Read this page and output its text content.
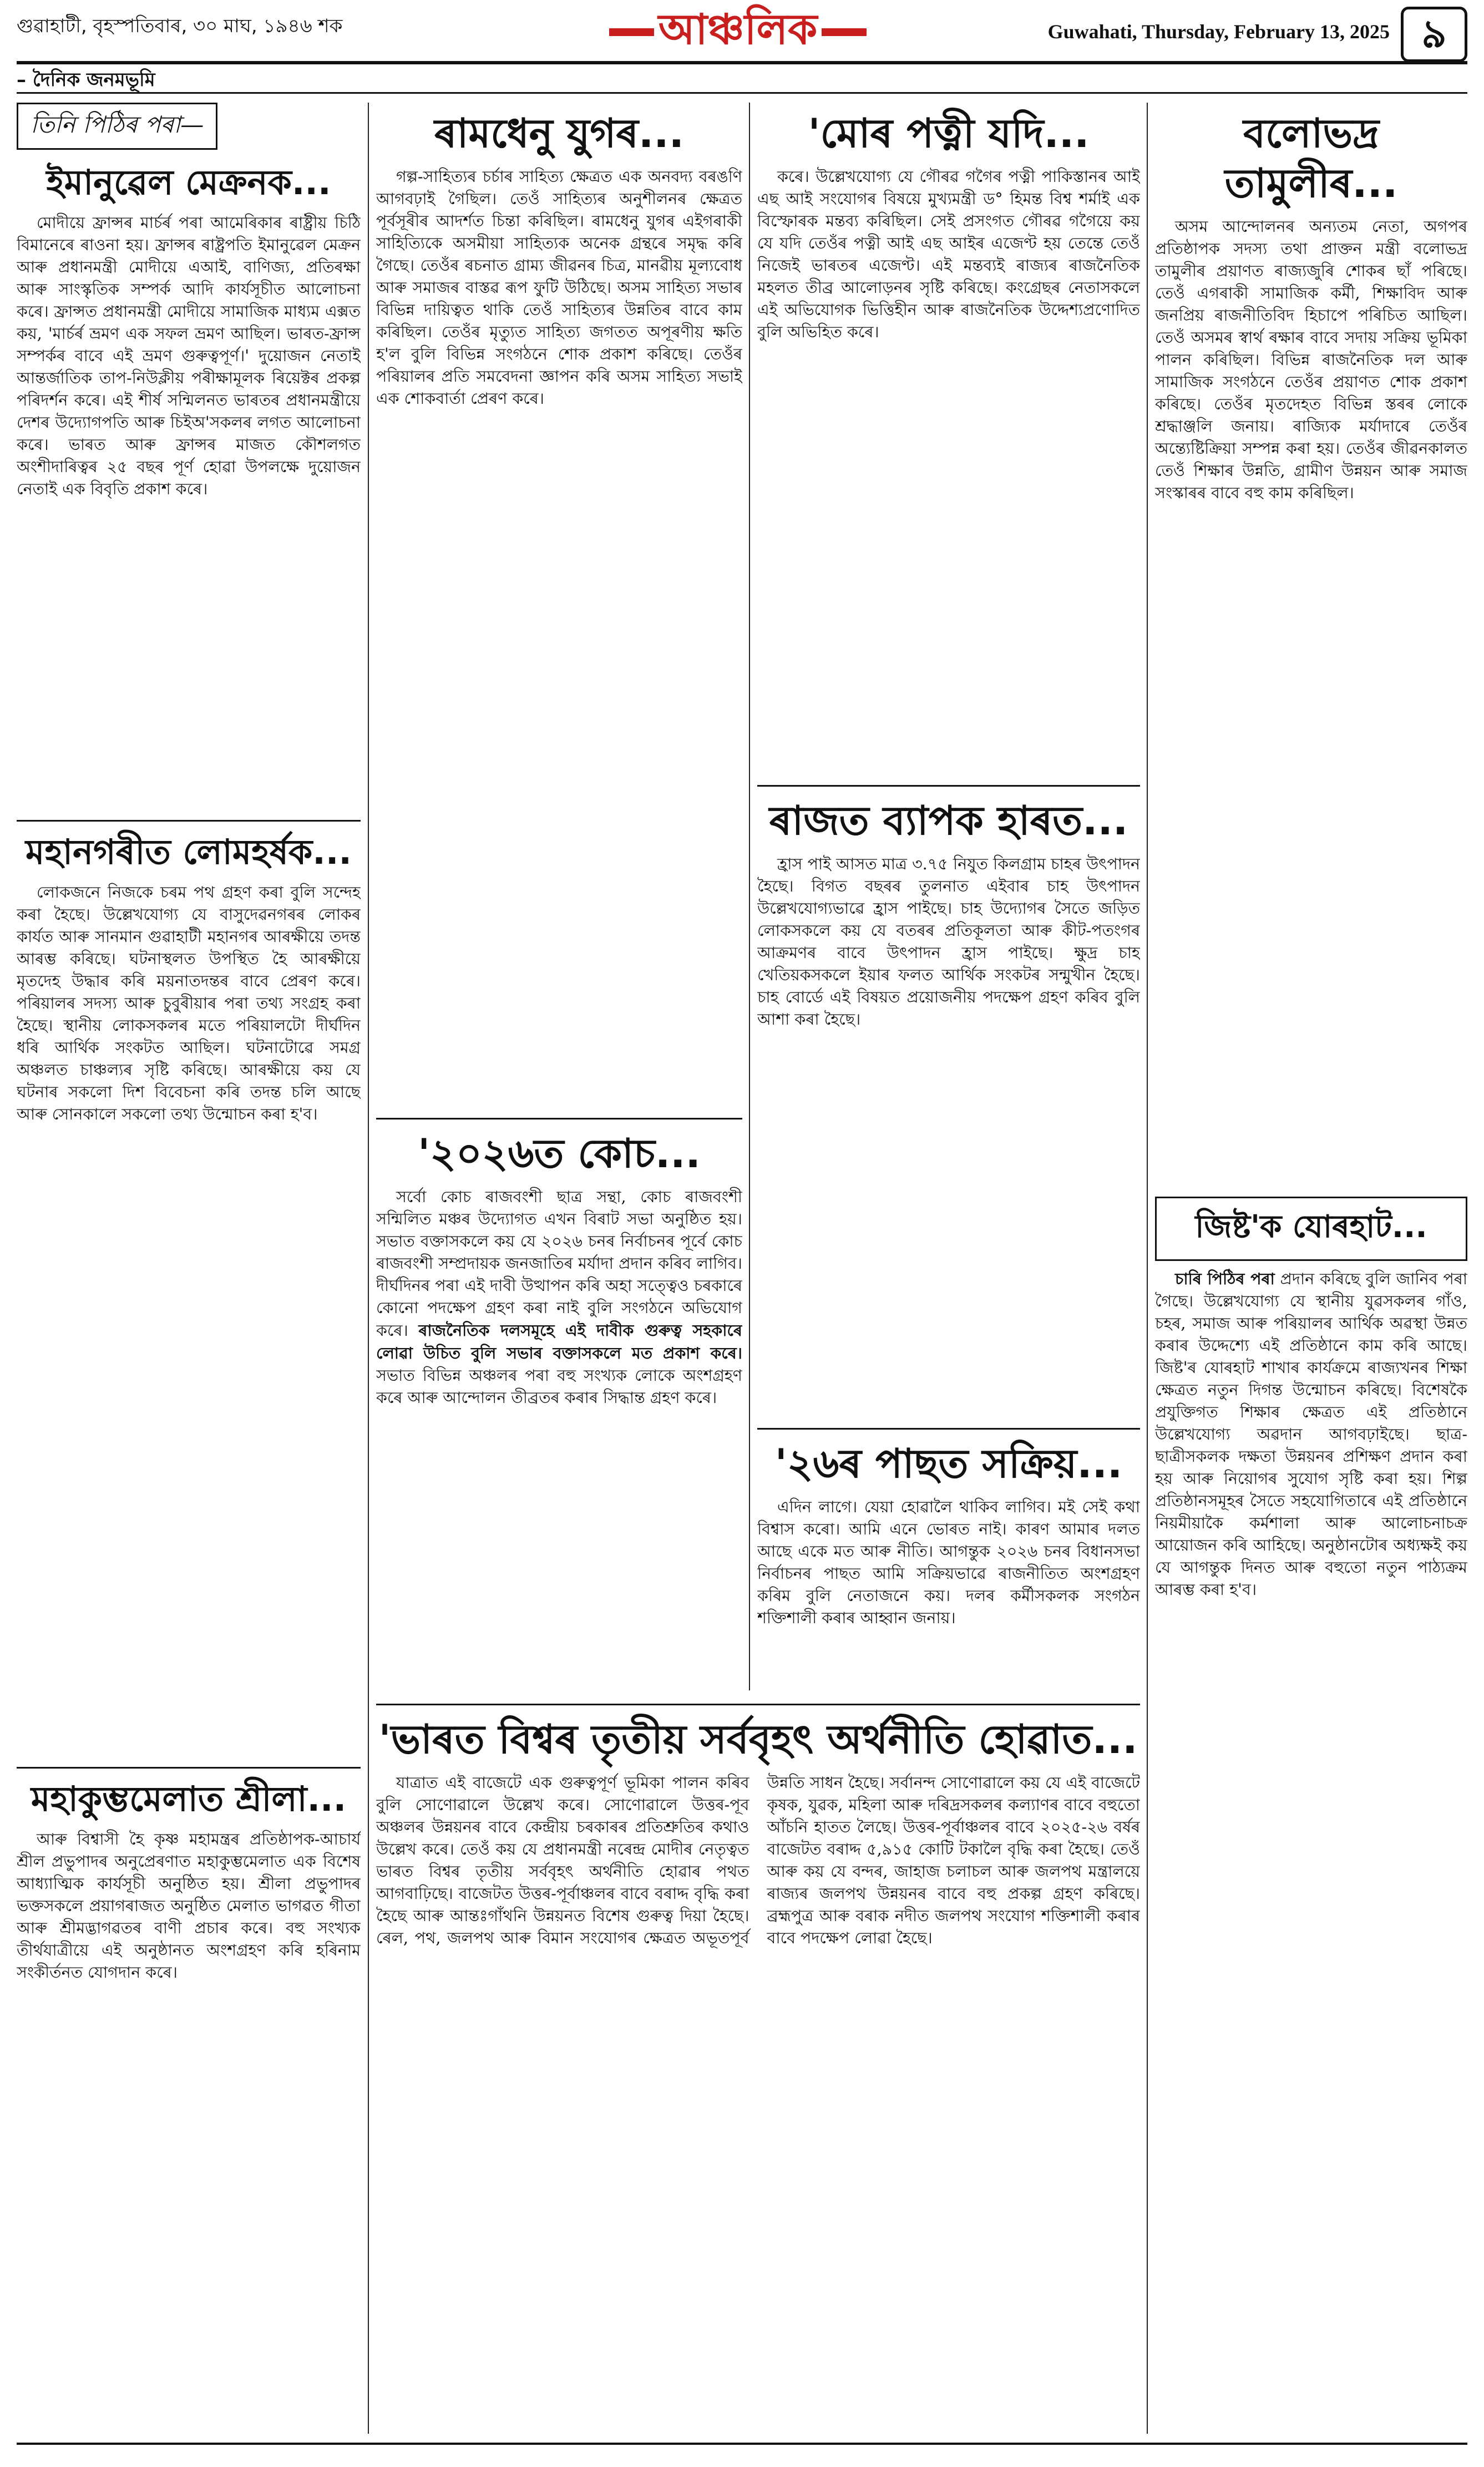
গুৱাহাটী, বৃহস্পতিবাৰ, ৩০ মাঘ, ১৯৪৬ শক	Guwahati, Thursday, February 13, 2025
আঞ্চলিক	৯
– দৈনিক জনমভূমি
তিনি পিঠিৰ পৰা—
ইমানুৱেল মেক্ৰনক...

মোদীয়ে ফ্ৰান্সৰ মাৰ্চৰ্ৰ পৰা আমেৰিকাৰ ৰাষ্ট্ৰীয় চিঠি বিমানেৰে ৰাওনা হয়। ফ্ৰান্সৰ ৰাষ্ট্ৰপতি ইমানুৱেল মেক্ৰন আৰু প্ৰধানমন্ত্ৰী মোদীয়ে এআই, বাণিজ্য, প্ৰতিৰক্ষা আৰু সাংস্কৃতিক সম্পৰ্ক আদি কাৰ্যসূচীত আলোচনা কৰে। ফ্ৰান্সত প্ৰধানমন্ত্ৰী মোদীয়ে সামাজিক মাধ্যম এক্সত কয়, 'মাৰ্চৰ্ৰ ভ্ৰমণ এক সফল ভ্ৰমণ আছিল। ভাৰত-ফ্ৰান্স সম্পৰ্কৰ বাবে এই ভ্ৰমণ গুৰুত্বপূৰ্ণ।' দুয়োজন নেতাই আন্তৰ্জাতিক তাপ-নিউক্লীয় পৰীক্ষামূলক ৰিয়েক্টৰ প্ৰকল্প পৰিদৰ্শন কৰে। এই শীৰ্ষ সন্মিলনত ভাৰতৰ প্ৰধানমন্ত্ৰীয়ে দেশৰ উদ্যোগপতি আৰু চিইঅ'সকলৰ লগত আলোচনা কৰে। ভাৰত আৰু ফ্ৰান্সৰ মাজত কৌশলগত অংশীদাৰিত্বৰ ২৫ বছৰ পূৰ্ণ হোৱা উপলক্ষে দুয়োজন নেতাই এক বিবৃতি প্ৰকাশ কৰে।

মহানগৰীত লোমহৰ্ষক...

লোকজনে নিজকে চৰম পথ গ্ৰহণ কৰা বুলি সন্দেহ কৰা হৈছে। উল্লেখযোগ্য যে বাসুদেৱনগৰৰ লোকৰ কাৰ্যত আৰু সানমান গুৱাহাটী মহানগৰ আৰক্ষীয়ে তদন্ত আৰম্ভ কৰিছে। ঘটনাস্থলত উপস্থিত হৈ আৰক্ষীয়ে মৃতদেহ উদ্ধাৰ কৰি ময়নাতদন্তৰ বাবে প্ৰেৰণ কৰে। পৰিয়ালৰ সদস্য আৰু চুবুৰীয়াৰ পৰা তথ্য সংগ্ৰহ কৰা হৈছে। স্থানীয় লোকসকলৰ মতে পৰিয়ালটো দীৰ্ঘদিন ধৰি আৰ্থিক সংকটত আছিল। ঘটনাটোৱে সমগ্ৰ অঞ্চলত চাঞ্চল্যৰ সৃষ্টি কৰিছে। আৰক্ষীয়ে কয় যে ঘটনাৰ সকলো দিশ বিবেচনা কৰি তদন্ত চলি আছে আৰু সোনকালে সকলো তথ্য উন্মোচন কৰা হ'ব।

মহাকুম্ভমেলাত শ্ৰীলা...

আৰু বিশ্বাসী হৈ কৃষ্ণ মহামন্ত্ৰৰ প্ৰতিষ্ঠাপক-আচাৰ্য শ্ৰীল প্ৰভুপাদৰ অনুপ্ৰেৰণাত মহাকুম্ভমেলাত এক বিশেষ আধ্যাত্মিক কাৰ্যসূচী অনুষ্ঠিত হয়। শ্ৰীলা প্ৰভুপাদৰ ভক্তসকলে প্ৰয়াগৰাজত অনুষ্ঠিত মেলাত ভাগৱত গীতা আৰু শ্ৰীমদ্ভাগৱতৰ বাণী প্ৰচাৰ কৰে। বহু সংখ্যক তীৰ্থযাত্ৰীয়ে এই অনুষ্ঠানত অংশগ্ৰহণ কৰি হৰিনাম সংকীৰ্তনত যোগদান কৰে।

ৰামধেনু যুগৰ...

গল্প-সাহিত্যৰ চৰ্চাৰ সাহিত্য ক্ষেত্ৰত এক অনবদ্য বৰঙণি আগবঢ়াই গৈছিল। তেওঁ সাহিত্যৰ অনুশীলনৰ ক্ষেত্ৰত পূৰ্বসূৰীৰ আদৰ্শত চিন্তা কৰিছিল। ৰামধেনু যুগৰ এইগৰাকী সাহিত্যিকে অসমীয়া সাহিত্যক অনেক গ্ৰন্থৰে সমৃদ্ধ কৰি গৈছে। তেওঁৰ ৰচনাত গ্ৰাম্য জীৱনৰ চিত্ৰ, মানৱীয় মূল্যবোধ আৰু সমাজৰ বাস্তৱ ৰূপ ফুটি উঠিছে। অসম সাহিত্য সভাৰ বিভিন্ন দায়িত্বত থাকি তেওঁ সাহিত্যৰ উন্নতিৰ বাবে কাম কৰিছিল। তেওঁৰ মৃত্যুত সাহিত্য জগতত অপূৰণীয় ক্ষতি হ'ল বুলি বিভিন্ন সংগঠনে শোক প্ৰকাশ কৰিছে। তেওঁৰ পৰিয়ালৰ প্ৰতি সমবেদনা জ্ঞাপন কৰি অসম সাহিত্য সভাই এক শোকবাৰ্তা প্ৰেৰণ কৰে।

'২০২৬ত কোচ...

সৰ্বো কোচ ৰাজবংশী ছাত্ৰ সন্থা, কোচ ৰাজবংশী সন্মিলিত মঞ্চৰ উদ্যোগত এখন বিৰাট সভা অনুষ্ঠিত হয়। সভাত বক্তাসকলে কয় যে ২০২৬ চনৰ নিৰ্বাচনৰ পূৰ্বে কোচ ৰাজবংশী সম্প্ৰদায়ক জনজাতিৰ মৰ্যাদা প্ৰদান কৰিব লাগিব। দীৰ্ঘদিনৰ পৰা এই দাবী উত্থাপন কৰি অহা সত্ত্বেও চৰকাৰে কোনো পদক্ষেপ গ্ৰহণ কৰা নাই বুলি সংগঠনে অভিযোগ কৰে। ৰাজনৈতিক দলসমূহে এই দাবীক গুৰুত্ব সহকাৰে লোৱা উচিত বুলি সভাৰ বক্তাসকলে মত প্ৰকাশ কৰে। সভাত বিভিন্ন অঞ্চলৰ পৰা বহু সংখ্যক লোকে অংশগ্ৰহণ কৰে আৰু আন্দোলন তীব্ৰতৰ কৰাৰ সিদ্ধান্ত গ্ৰহণ কৰে।

'মোৰ পত্নী যদি...

কৰে। উল্লেখযোগ্য যে গৌৰৱ গগৈৰ পত্নী পাকিস্তানৰ আই এছ আই সংযোগৰ বিষয়ে মুখ্যমন্ত্ৰী ড° হিমন্ত বিশ্ব শৰ্মাই এক বিস্ফোৰক মন্তব্য কৰিছিল। সেই প্ৰসংগত গৌৰৱ গগৈয়ে কয় যে যদি তেওঁৰ পত্নী আই এছ আইৰ এজেণ্ট হয় তেন্তে তেওঁ নিজেই ভাৰতৰ এজেণ্ট। এই মন্তব্যই ৰাজ্যৰ ৰাজনৈতিক মহলত তীব্ৰ আলোড়নৰ সৃষ্টি কৰিছে। কংগ্ৰেছৰ নেতাসকলে এই অভিযোগক ভিত্তিহীন আৰু ৰাজনৈতিক উদ্দেশ্যপ্ৰণোদিত বুলি অভিহিত কৰে।

ৰাজত ব্যাপক হাৰত...

হ্ৰাস পাই আসত মাত্ৰ ৩.৭৫ নিযুত কিলগ্ৰাম চাহৰ উৎপাদন হৈছে। বিগত বছৰৰ তুলনাত এইবাৰ চাহ উৎপাদন উল্লেখযোগ্যভাৱে হ্ৰাস পাইছে। চাহ উদ্যোগৰ সৈতে জড়িত লোকসকলে কয় যে বতৰৰ প্ৰতিকূলতা আৰু কীট-পতংগৰ আক্ৰমণৰ বাবে উৎপাদন হ্ৰাস পাইছে। ক্ষুদ্ৰ চাহ খেতিয়কসকলে ইয়াৰ ফলত আৰ্থিক সংকটৰ সন্মুখীন হৈছে। চাহ বোৰ্ডে এই বিষয়ত প্ৰয়োজনীয় পদক্ষেপ গ্ৰহণ কৰিব বুলি আশা কৰা হৈছে।

'২৬ৰ পাছত সক্ৰিয়...

এদিন লাগে। যেয়া হোৱালৈ থাকিব লাগিব। মই সেই কথা বিশ্বাস কৰো। আমি এনে ভোৰত নাই। কাৰণ আমাৰ দলত আছে একে মত আৰু নীতি। আগন্তুক ২০২৬ চনৰ বিধানসভা নিৰ্বাচনৰ পাছত আমি সক্ৰিয়ভাৱে ৰাজনীতিত অংশগ্ৰহণ কৰিম বুলি নেতাজনে কয়। দলৰ কৰ্মীসকলক সংগঠন শক্তিশালী কৰাৰ আহ্বান জনায়।

'ভাৰত বিশ্বৰ তৃতীয় সৰ্ববৃহৎ অৰ্থনীতি হোৱাত...

যাত্ৰাত এই বাজেটে এক গুৰুত্বপূৰ্ণ ভূমিকা পালন কৰিব বুলি সোণোৱালে উল্লেখ কৰে। সোণোৱালে উত্তৰ-পূব অঞ্চলৰ উন্নয়নৰ বাবে কেন্দ্ৰীয় চৰকাৰৰ প্ৰতিশ্ৰুতিৰ কথাও উল্লেখ কৰে। তেওঁ কয় যে প্ৰধানমন্ত্ৰী নৰেন্দ্ৰ মোদীৰ নেতৃত্বত ভাৰত বিশ্বৰ তৃতীয় সৰ্ববৃহৎ অৰ্থনীতি হোৱাৰ পথত আগবাঢ়িছে। বাজেটত উত্তৰ-পূৰ্বাঞ্চলৰ বাবে বৰাদ্দ বৃদ্ধি কৰা হৈছে আৰু আন্তঃগাঁথনি উন্নয়নত বিশেষ গুৰুত্ব দিয়া হৈছে। ৰেল, পথ, জলপথ আৰু বিমান সংযোগৰ ক্ষেত্ৰত অভূতপূৰ্ব উন্নতি সাধন হৈছে। সৰ্বানন্দ সোণোৱালে কয় যে এই বাজেটে কৃষক, যুৱক, মহিলা আৰু দৰিদ্ৰসকলৰ কল্যাণৰ বাবে বহুতো আঁচনি হাতত লৈছে। উত্তৰ-পূৰ্বাঞ্চলৰ বাবে ২০২৫-২৬ বৰ্ষৰ বাজেটত বৰাদ্দ ৫,৯১৫ কোটি টকালৈ বৃদ্ধি কৰা হৈছে। তেওঁ আৰু কয় যে বন্দৰ, জাহাজ চলাচল আৰু জলপথ মন্ত্ৰালয়ে ৰাজ্যৰ জলপথ উন্নয়নৰ বাবে বহু প্ৰকল্প গ্ৰহণ কৰিছে। ব্ৰহ্মপুত্ৰ আৰু বৰাক নদীত জলপথ সংযোগ শক্তিশালী কৰাৰ বাবে পদক্ষেপ লোৱা হৈছে।

বলোভদ্ৰ তামুলীৰ...

অসম আন্দোলনৰ অন্যতম নেতা, অগপৰ প্ৰতিষ্ঠাপক সদস্য তথা প্ৰাক্তন মন্ত্ৰী বলোভদ্ৰ তামুলীৰ প্ৰয়াণত ৰাজ্যজুৰি শোকৰ ছাঁ পৰিছে। তেওঁ এগৰাকী সামাজিক কৰ্মী, শিক্ষাবিদ আৰু জনপ্ৰিয় ৰাজনীতিবিদ হিচাপে পৰিচিত আছিল। তেওঁ অসমৰ স্বাৰ্থ ৰক্ষাৰ বাবে সদায় সক্ৰিয় ভূমিকা পালন কৰিছিল। বিভিন্ন ৰাজনৈতিক দল আৰু সামাজিক সংগঠনে তেওঁৰ প্ৰয়াণত শোক প্ৰকাশ কৰিছে। তেওঁৰ মৃতদেহত বিভিন্ন স্তৰৰ লোকে শ্ৰদ্ধাঞ্জলি জনায়। ৰাজ্যিক মৰ্যাদাৰে তেওঁৰ অন্ত্যেষ্টিক্ৰিয়া সম্পন্ন কৰা হয়। তেওঁৰ জীৱনকালত তেওঁ শিক্ষাৰ উন্নতি, গ্ৰামীণ উন্নয়ন আৰু সমাজ সংস্কাৰৰ বাবে বহু কাম কৰিছিল।

জিষ্ট'ক যোৰহাট...

চাৰি পিঠিৰ পৰা প্ৰদান কৰিছে বুলি জানিব পৰা গৈছে। উল্লেখযোগ্য যে স্থানীয় যুৱসকলৰ গাঁও, চহৰ, সমাজ আৰু পৰিয়ালৰ আৰ্থিক অৱস্থা উন্নত কৰাৰ উদ্দেশ্যে এই প্ৰতিষ্ঠানে কাম কৰি আছে। জিষ্ট'ৰ যোৰহাট শাখাৰ কাৰ্যক্ৰমে ৰাজ্যখনৰ শিক্ষা ক্ষেত্ৰত নতুন দিগন্ত উন্মোচন কৰিছে। বিশেষকৈ প্ৰযুক্তিগত শিক্ষাৰ ক্ষেত্ৰত এই প্ৰতিষ্ঠানে উল্লেখযোগ্য অৱদান আগবঢ়াইছে। ছাত্ৰ-ছাত্ৰীসকলক দক্ষতা উন্নয়নৰ প্ৰশিক্ষণ প্ৰদান কৰা হয় আৰু নিয়োগৰ সুযোগ সৃষ্টি কৰা হয়। শিল্প প্ৰতিষ্ঠানসমূহৰ সৈতে সহযোগিতাৰে এই প্ৰতিষ্ঠানে নিয়মীয়াকৈ কৰ্মশালা আৰু আলোচনাচক্ৰ আয়োজন কৰি আহিছে। অনুষ্ঠানটোৰ অধ্যক্ষই কয় যে আগন্তুক দিনত আৰু বহুতো নতুন পাঠ্যক্ৰম আৰম্ভ কৰা হ'ব।
